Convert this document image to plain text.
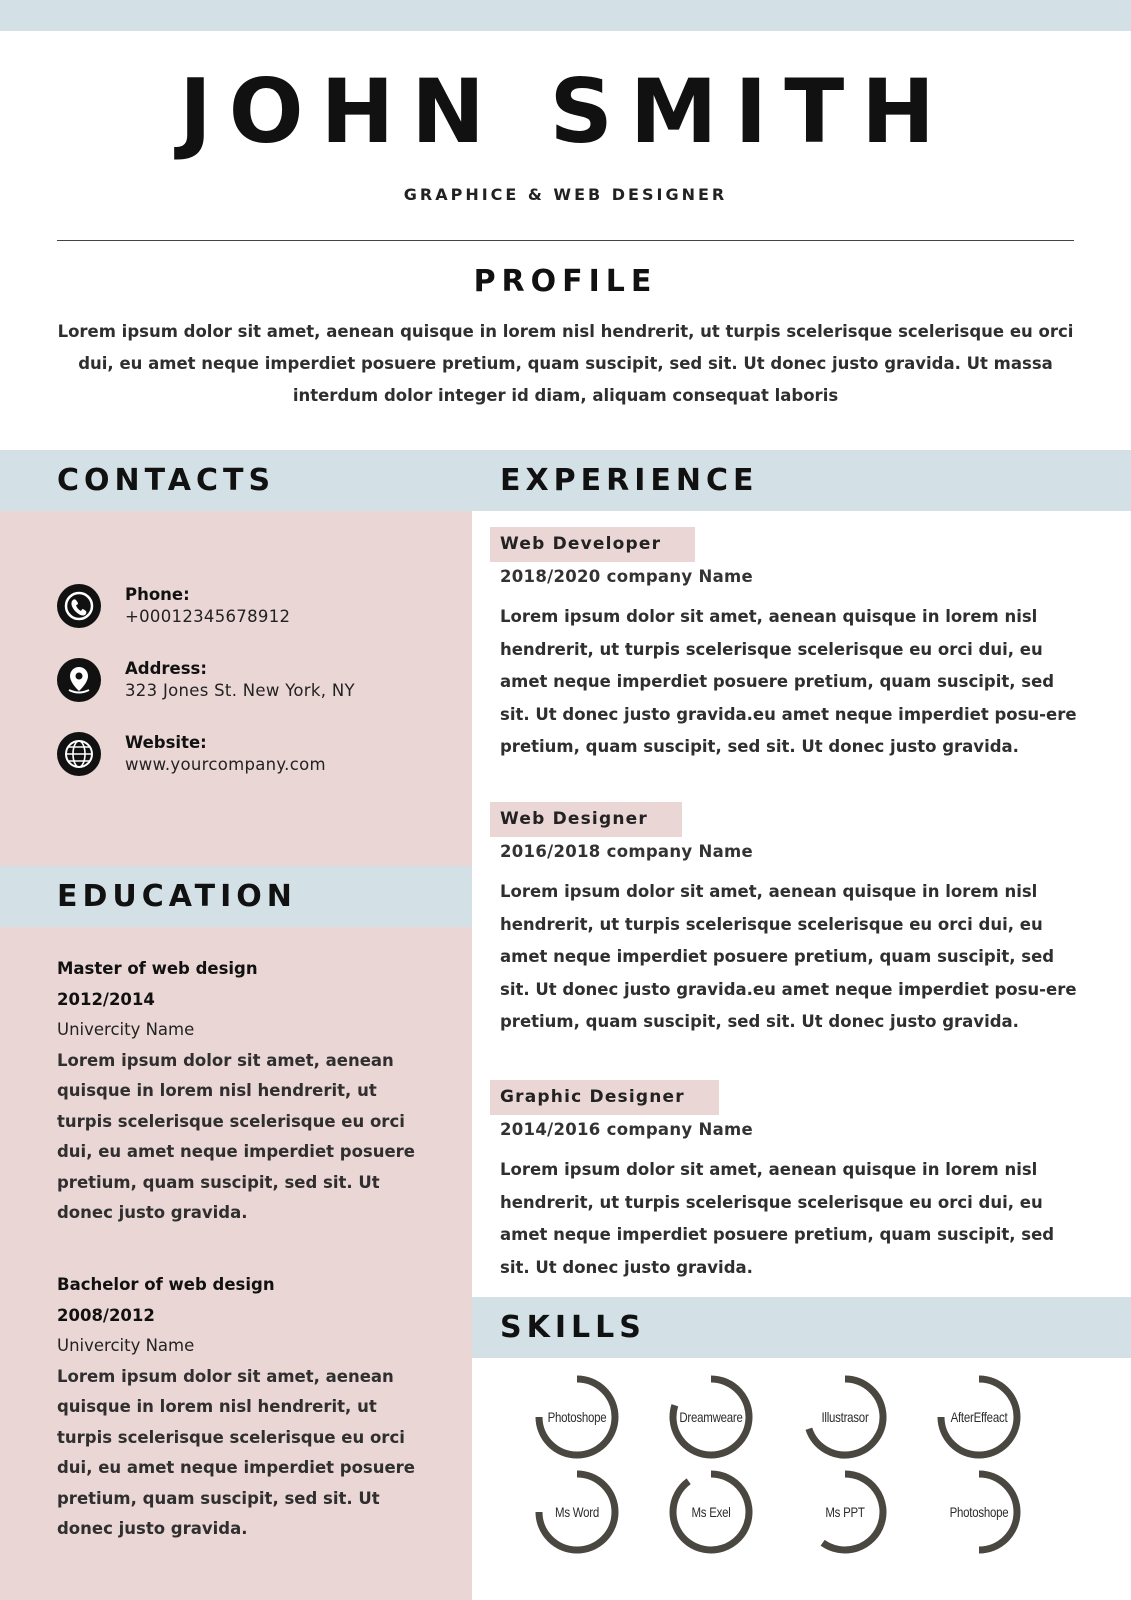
JOHN SMITH
GRAPHICE & WEB DESIGNER
PROFILE
Lorem ipsum dolor sit amet, aenean quisque in lorem nisl hendrerit, ut turpis scelerisque scelerisque eu orci dui, eu amet neque imperdiet posuere pretium, quam suscipit, sed sit. Ut donec justo gravida. Ut massa interdum dolor integer id diam, aliquam consequat laboris
CONTACTS	EXPERIENCE
Phone:
+00012345678912
Address:
323 Jones St. New York, NY
Website:
www.yourcompany.com
EDUCATION
Master of web design
2012/2014
Univercity Name
Lorem ipsum dolor sit amet, aenean quisque in lorem nisl hendrerit, ut turpis scelerisque scelerisque eu orci dui, eu amet neque imperdiet posuere pretium, quam suscipit, sed sit. Ut donec justo gravida.
Bachelor of web design
2008/2012
Univercity Name
Lorem ipsum dolor sit amet, aenean quisque in lorem nisl hendrerit, ut turpis scelerisque scelerisque eu orci dui, eu amet neque imperdiet posuere pretium, quam suscipit, sed sit. Ut donec justo gravida.
Web Developer
2018/2020 company Name
Lorem ipsum dolor sit amet, aenean quisque in lorem nisl hendrerit, ut turpis scelerisque scelerisque eu orci dui, eu amet neque imperdiet posuere pretium, quam suscipit, sed sit. Ut donec justo gravida.eu amet neque imperdiet posu-ere pretium, quam suscipit, sed sit. Ut donec justo gravida.
Web Designer
2016/2018 company Name
Lorem ipsum dolor sit amet, aenean quisque in lorem nisl hendrerit, ut turpis scelerisque scelerisque eu orci dui, eu amet neque imperdiet posuere pretium, quam suscipit, sed sit. Ut donec justo gravida.eu amet neque imperdiet posu-ere pretium, quam suscipit, sed sit. Ut donec justo gravida.
Graphic Designer
2014/2016 company Name
Lorem ipsum dolor sit amet, aenean quisque in lorem nisl hendrerit, ut turpis scelerisque scelerisque eu orci dui, eu amet neque imperdiet posuere pretium, quam suscipit, sed sit. Ut donec justo gravida.
SKILLS
Photoshope	Dreamweare	Illustrasor	AfterEffeact
Ms Word	Ms Exel	Ms PPT	Photoshope
